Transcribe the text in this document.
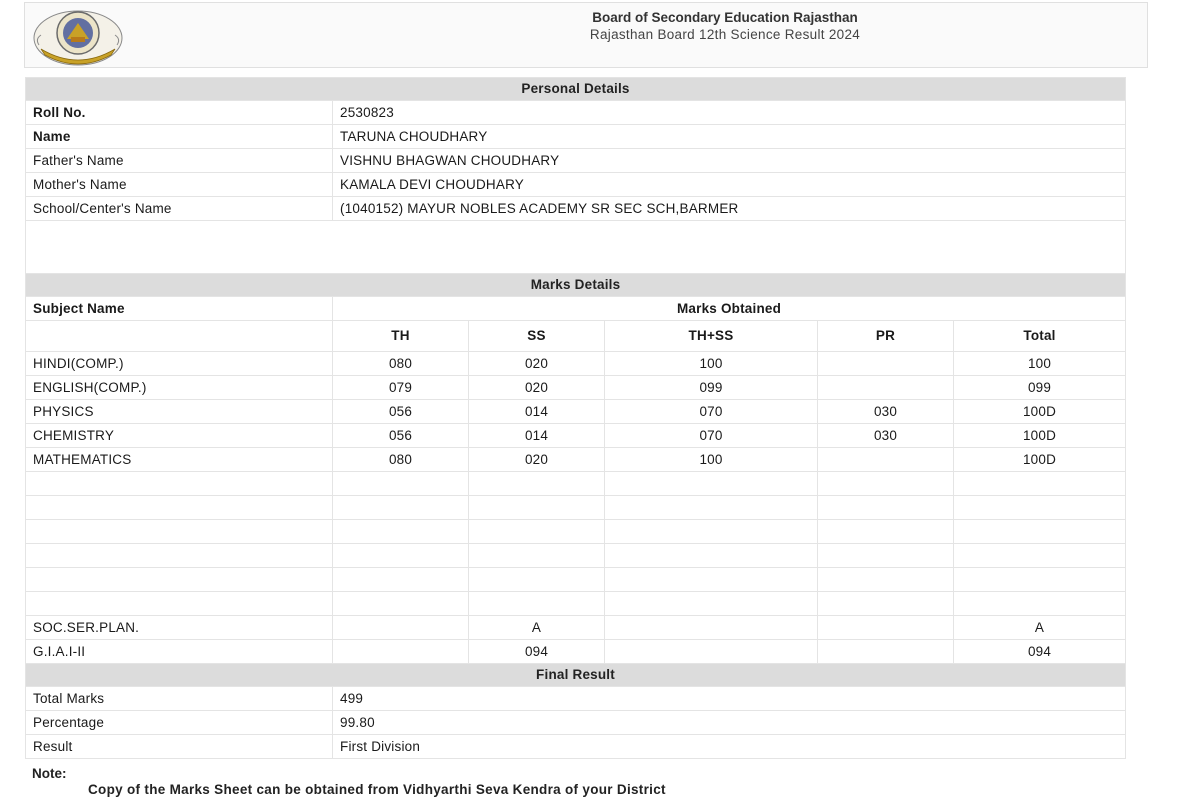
Board of Secondary Education Rajasthan
Rajasthan Board 12th Science Result 2024
Personal Details					
Roll No.	2530823				
Name	TARUNA CHOUDHARY				
Father's Name	VISHNU BHAGWAN CHOUDHARY				
Mother's Name	KAMALA DEVI CHOUDHARY				
School/Center's Name	(1040152) MAYUR NOBLES ACADEMY SR SEC SCH,BARMER				

Marks Details					
Subject Name	Marks Obtained				
	TH	SS	TH+SS	PR	Total
HINDI(COMP.)	080	020	100		100
ENGLISH(COMP.)	079	020	099		099
PHYSICS	056	014	070	030	100D
CHEMISTRY	056	014	070	030	100D
MATHEMATICS	080	020	100		100D

SOC.SER.PLAN.		A			A
G.I.A.I-II		094			094
Final Result					
Total Marks	499				
Percentage	99.80				
Result	First Division				
Note:
Copy of the Marks Sheet can be obtained from Vidhyarthi Seva Kendra of your District
